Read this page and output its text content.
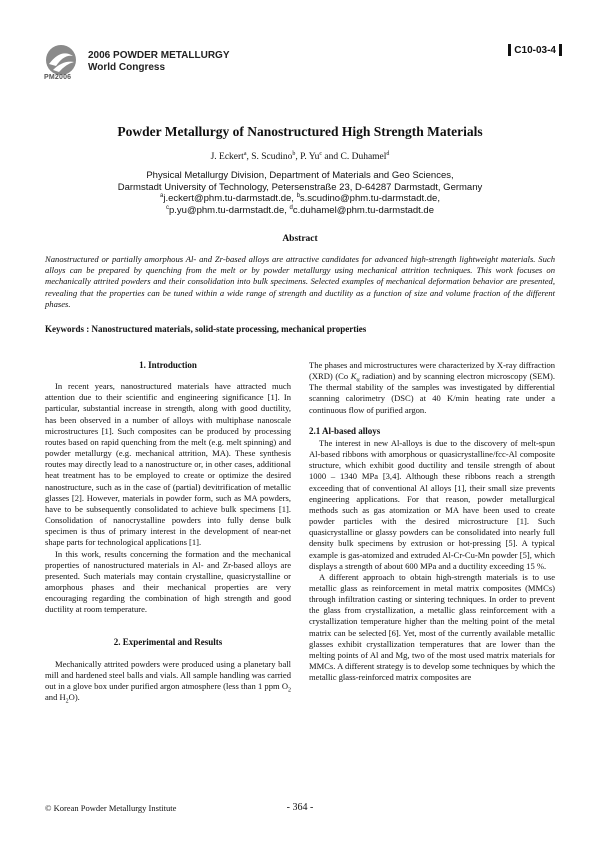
PM2006
2006 POWDER METALLURGY
World Congress
C10-03-4
Powder Metallurgy of Nanostructured High Strength Materials
J. Eckert$^a$, S. Scudino$^b$, P. Yu$^c$ and C. Duhamel$^d$
Physical Metallurgy Division, Department of Materials and Geo Sciences,
Darmstadt University of Technology, Petersenstraße 23, D-64287 Darmstadt, Germany
$^a$j.eckert@phm.tu-darmstadt.de, $^b$s.scudino@phm.tu-darmstadt.de,
$^c$p.yu@phm.tu-darmstadt.de, $^d$c.duhamel@phm.tu-darmstadt.de
Abstract

Nanostructured or partially amorphous Al- and Zr-based alloys are attractive candidates for advanced high-strength lightweight materials. Such alloys can be prepared by quenching from the melt or by powder metallurgy using mechanical attrition techniques. This work focuses on mechanically attrited powders and their consolidation into bulk specimens. Selected examples of mechanical deformation behavior are presented, revealing that the properties can be tuned within a wide range of strength and ductility as a function of size and volume fraction of the different phases.

Keywords : Nanostructured materials, solid-state processing, mechanical properties
1. Introduction

In recent years, nanostructured materials have attracted much attention due to their scientific and engineering significance [1]. In particular, substantial increase in strength, along with good ductility, has been observed in a number of alloys with multiphase nanoscale microstructures [1]. Such composites can be produced by processing routes based on rapid quenching from the melt (e.g. melt spinning) and powder metallurgy (e.g. mechanical attrition, MA). These synthesis routes may directly lead to a nanostructure or, in other cases, additional heat treatment has to be employed to create or optimize the desired nanostructure, such as in the case of (partial) devitrification of metallic glasses [2]. However, materials in powder form, such as MA powders, have to be subsequently consolidated to achieve bulk specimens [1]. Consolidation of nanocrystalline powders into fully dense bulk specimen is thus of primary interest in the development of near-net shape parts for technological applications [1].

In this work, results concerning the formation and the mechanical properties of nanostructured materials in Al- and Zr-based alloys are presented. Such materials may contain crystalline, quasicrystalline or amorphous phases and their mechanical properties are very encouraging regarding the combination of high strength and good ductility at room temperature.

2. Experimental and Results

Mechanically attrited powders were produced using a planetary ball mill and hardened steel balls and vials. All sample handling was carried out in a glove box under purified argon atmosphere (less than 1 ppm $O_2$ and $H_2O$).

The phases and microstructures were characterized by X-ray diffraction (XRD) (Co $K_\alpha$ radiation) and by scanning electron microscopy (SEM). The thermal stability of the samples was investigated by differential scanning calorimetry (DSC) at 40 K/min heating rate under a continuous flow of purified argon.

2.1 Al-based alloys

The interest in new Al-alloys is due to the discovery of melt-spun Al-based ribbons with amorphous or quasicrystalline/fcc-Al composite structure, which exhibit good ductility and tensile strength of about 1000 – 1340 MPa [3,4]. Although these ribbons reach a strength exceeding that of conventional Al alloys [1], their small size prevents engineering applications. For that reason, powder metallurgical methods such as gas atomization or MA have been used to create powder particles with the desired microstructure [1]. Such quasicrystalline or glassy powders can be consolidated into nearly full density bulk specimens by extrusion or hot-pressing [5]. A typical example is gas-atomized and extruded Al-Cr-Cu-Mn powder [5], which displays a strength of about 600 MPa and a ductility exceeding 15 %.

A different approach to obtain high-strength materials is to use metallic glass as reinforcement in metal matrix composites (MMCs) through infiltration casting or sintering techniques. In order to prevent the glass from crystallization, a metallic glass reinforcement with a crystallization temperature higher than the melting point of the metal matrix can be selected [6]. Yet, most of the currently available metallic glasses exhibit crystallization temperatures that are lower than the melting points of Al and Mg, two of the most used matrix materials for MMCs. A different strategy is to develop some techniques by which the metallic glass-reinforced matrix composites are

© Korean Powder Metallurgy Institute	- 364 -
